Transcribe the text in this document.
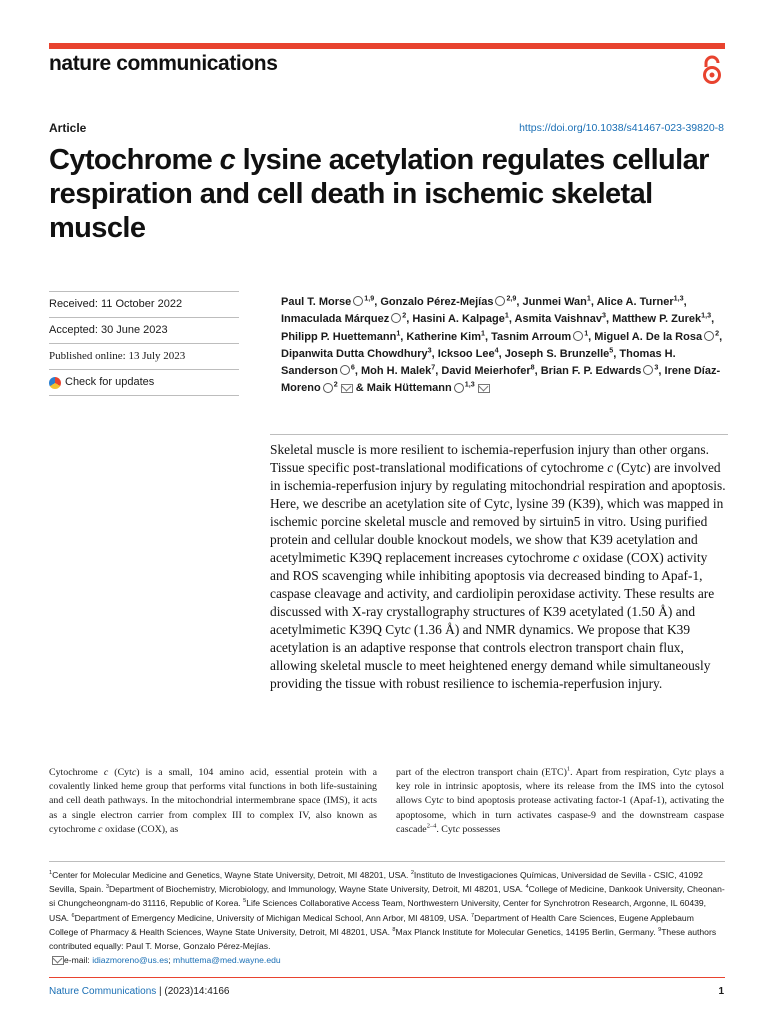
nature communications
Article	https://doi.org/10.1038/s41467-023-39820-8
Cytochrome c lysine acetylation regulates cellular respiration and cell death in ischemic skeletal muscle
Received: 11 October 2022
Accepted: 30 June 2023
Published online: 13 July 2023
Check for updates

Paul T. Morse $^{1,9}$, Gonzalo Pérez-Mejías $^{2,9}$, Junmei Wan$^1$, Alice A. Turner$^{1,3}$, Inmaculada Márquez $^2$, Hasini A. Kalpage$^1$, Asmita Vaishnav$^3$, Matthew P. Zurek$^{1,3}$, Philipp P. Huettemann$^1$, Katherine Kim$^1$, Tasnim Arroum $^1$, Miguel A. De la Rosa $^2$, Dipanwita Dutta Chowdhury$^3$, Icksoo Lee$^4$, Joseph S. Brunzelle$^5$, Thomas H. Sanderson $^6$, Moh H. Malek$^7$, David Meierhofer$^8$, Brian F. P. Edwards $^3$, Irene Díaz-Moreno $^2$ & Maik Hüttemann $^{1,3}$

Skeletal muscle is more resilient to ischemia-reperfusion injury than other organs. Tissue specific post-translational modifications of cytochrome c (Cytc) are involved in ischemia-reperfusion injury by regulating mitochondrial respiration and apoptosis. Here, we describe an acetylation site of Cytc, lysine 39 (K39), which was mapped in ischemic porcine skeletal muscle and removed by sirtuin5 in vitro. Using purified protein and cellular double knockout models, we show that K39 acetylation and acetylmimetic K39Q replacement increases cytochrome c oxidase (COX) activity and ROS scavenging while inhibiting apoptosis via decreased binding to Apaf-1, caspase cleavage and activity, and cardiolipin peroxidase activity. These results are discussed with X-ray crystallography structures of K39 acetylated (1.50 Å) and acetylmimetic K39Q Cytc (1.36 Å) and NMR dynamics. We propose that K39 acetylation is an adaptive response that controls electron transport chain flux, allowing skeletal muscle to meet heightened energy demand while simultaneously providing the tissue with robust resilience to ischemia-reperfusion injury.

Cytochrome c (Cytc) is a small, 104 amino acid, essential protein with a covalently linked heme group that performs vital functions in both life-sustaining and cell death pathways. In the mitochondrial intermembrane space (IMS), it acts as a single electron carrier from complex III to complex IV, also known as cytochrome c oxidase (COX), as

part of the electron transport chain (ETC)$^1$. Apart from respiration, Cytc plays a key role in intrinsic apoptosis, where its release from the IMS into the cytosol allows Cytc to bind apoptosis protease activating factor-1 (Apaf-1), activating the apoptosome, which in turn activates caspase-9 and the downstream caspase cascade$^{2-4}$. Cytc possesses

$^1$Center for Molecular Medicine and Genetics, Wayne State University, Detroit, MI 48201, USA. $^2$Instituto de Investigaciones Químicas, Universidad de Sevilla - CSIC, 41092 Sevilla, Spain. $^3$Department of Biochemistry, Microbiology, and Immunology, Wayne State University, Detroit, MI 48201, USA. $^4$College of Medicine, Dankook University, Cheonan-si Chungcheongnam-do 31116, Republic of Korea. $^5$Life Sciences Collaborative Access Team, Northwestern University, Center for Synchrotron Research, Argonne, IL 60439, USA. $^6$Department of Emergency Medicine, University of Michigan Medical School, Ann Arbor, MI 48109, USA. $^7$Department of Health Care Sciences, Eugene Applebaum College of Pharmacy & Health Sciences, Wayne State University, Detroit, MI 48201, USA. $^8$Max Planck Institute for Molecular Genetics, 14195 Berlin, Germany. $^9$These authors contributed equally: Paul T. Morse, Gonzalo Pérez-Mejías.
e-mail: idiazmoreno@us.es; mhuttema@med.wayne.edu

Nature Communications | (2023)14:4166	1
